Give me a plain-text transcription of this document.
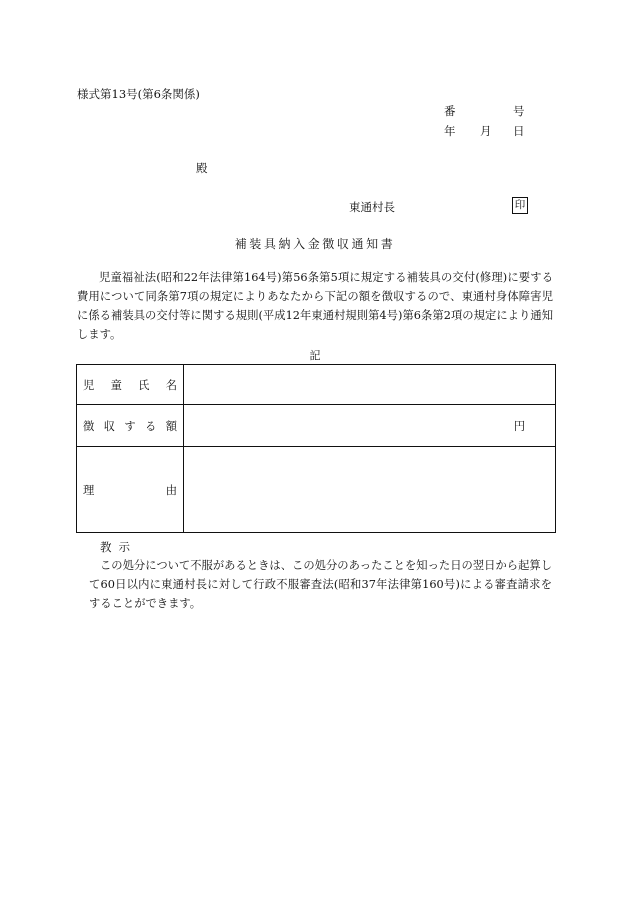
様式第13号(第6条関係)
番	号
年 月 日
殿
東通村長	印
補装具納入金徴収通知書
児童福祉法(昭和22年法律第164号)第56条第5項に規定する補装具の交付(修理)に要する費用について同条第7項の規定によりあなたから下記の額を徴収するので、東通村身体障害児に係る補装具の交付等に関する規則(平成12年東通村規則第4号)第6条第2項の規定により通知します。
記
児 童 氏 名	

徴 収 す る 額	円

理 由	

教示
この処分について不服があるときは、この処分のあったことを知った日の翌日から起算して60日以内に東通村長に対して行政不服審査法(昭和37年法律第160号)による審査請求をすることができます。
